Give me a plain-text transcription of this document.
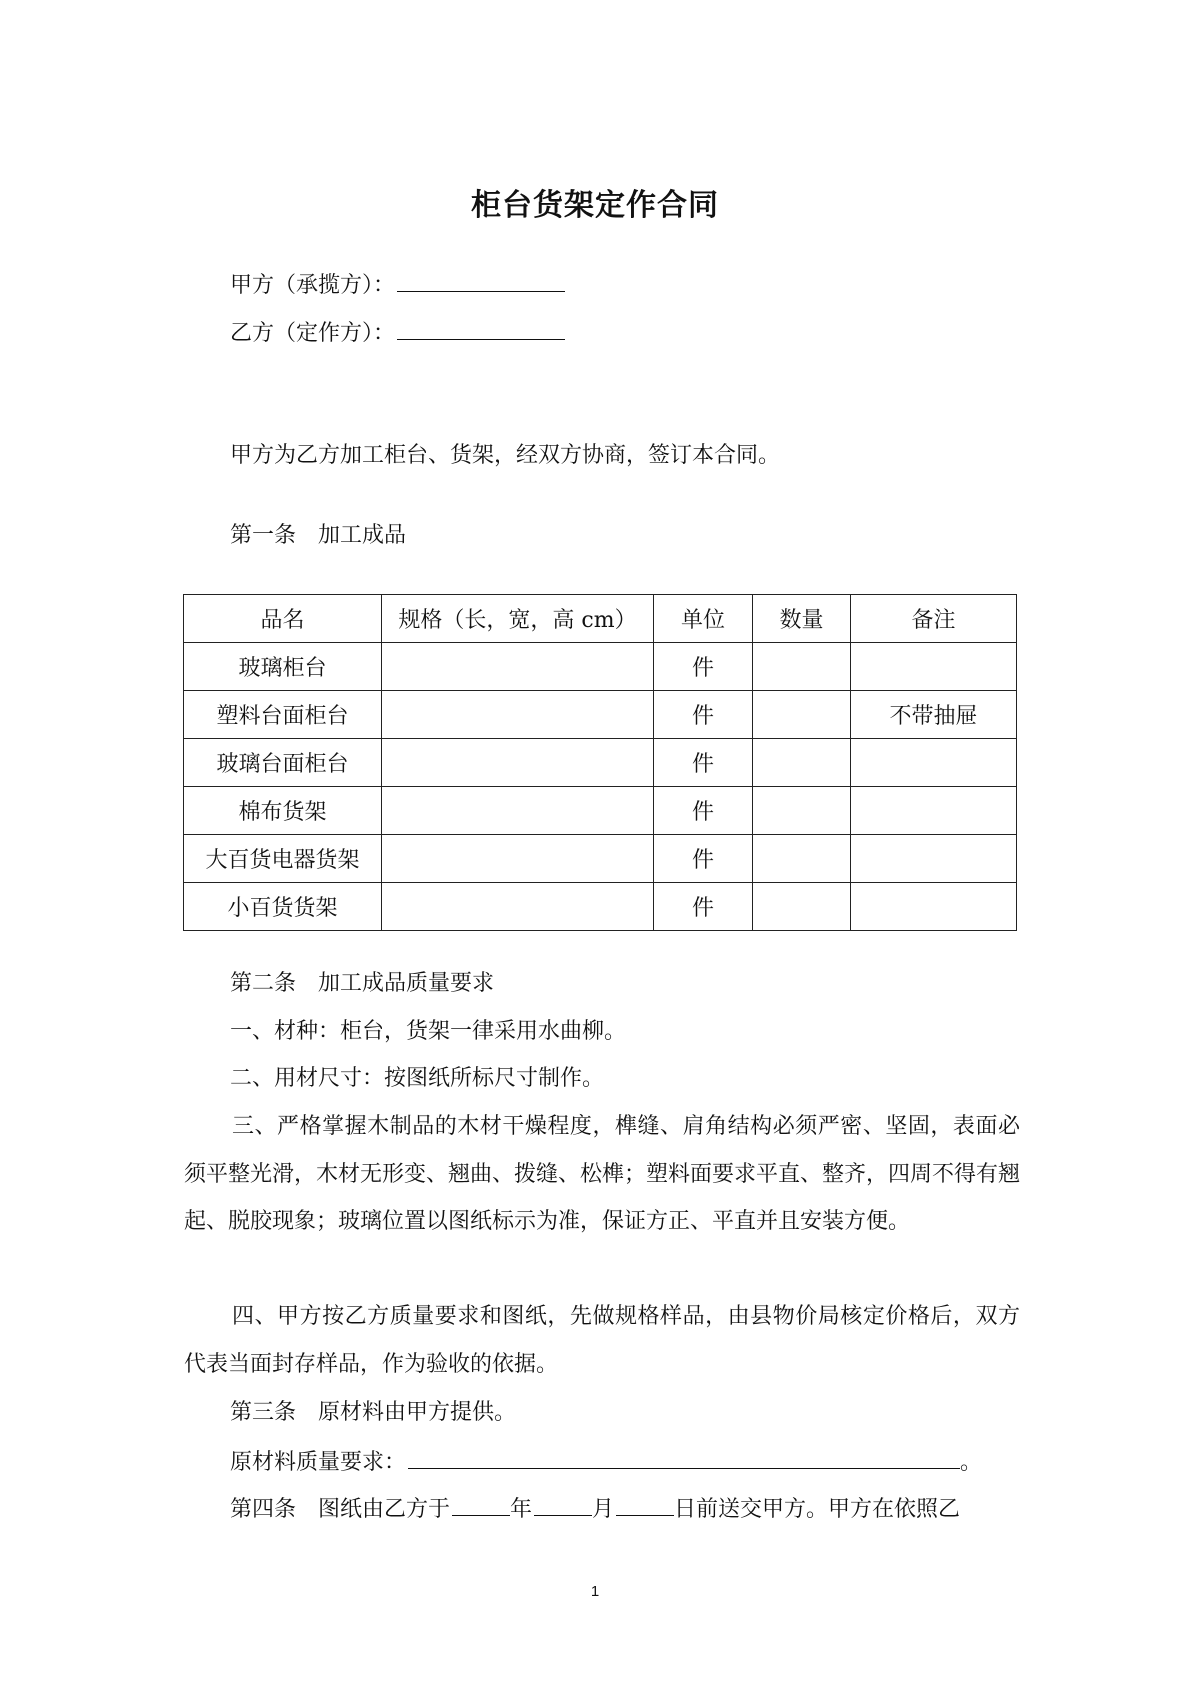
柜台货架定作合同
甲方（承揽方）：
乙方（定作方）：
甲方为乙方加工柜台、货架，经双方协商，签订本合同。
第一条　加工成品
品名	规格（长，宽，高 cm）	单位	数量	备注
玻璃柜台		件		
塑料台面柜台		件		不带抽屉
玻璃台面柜台		件		
棉布货架		件		
大百货电器货架		件		
小百货货架		件		
第二条　加工成品质量要求
一、材种：柜台，货架一律采用水曲柳。
二、用材尺寸：按图纸所标尺寸制作。
三、严格掌握木制品的木材干燥程度，榫缝、肩角结构必须严密、坚固，表面必须平整光滑，木材无形变、翘曲、拨缝、松榫；塑料面要求平直、整齐，四周不得有翘起、脱胶现象；玻璃位置以图纸标示为准，保证方正、平直并且安装方便。
四、甲方按乙方质量要求和图纸，先做规格样品，由县物价局核定价格后，双方代表当面封存样品，作为验收的依据。
第三条　原材料由甲方提供。
原材料质量要求：	。
第四条　图纸由乙方于	年	月	日前送交甲方。甲方在依照乙
1
